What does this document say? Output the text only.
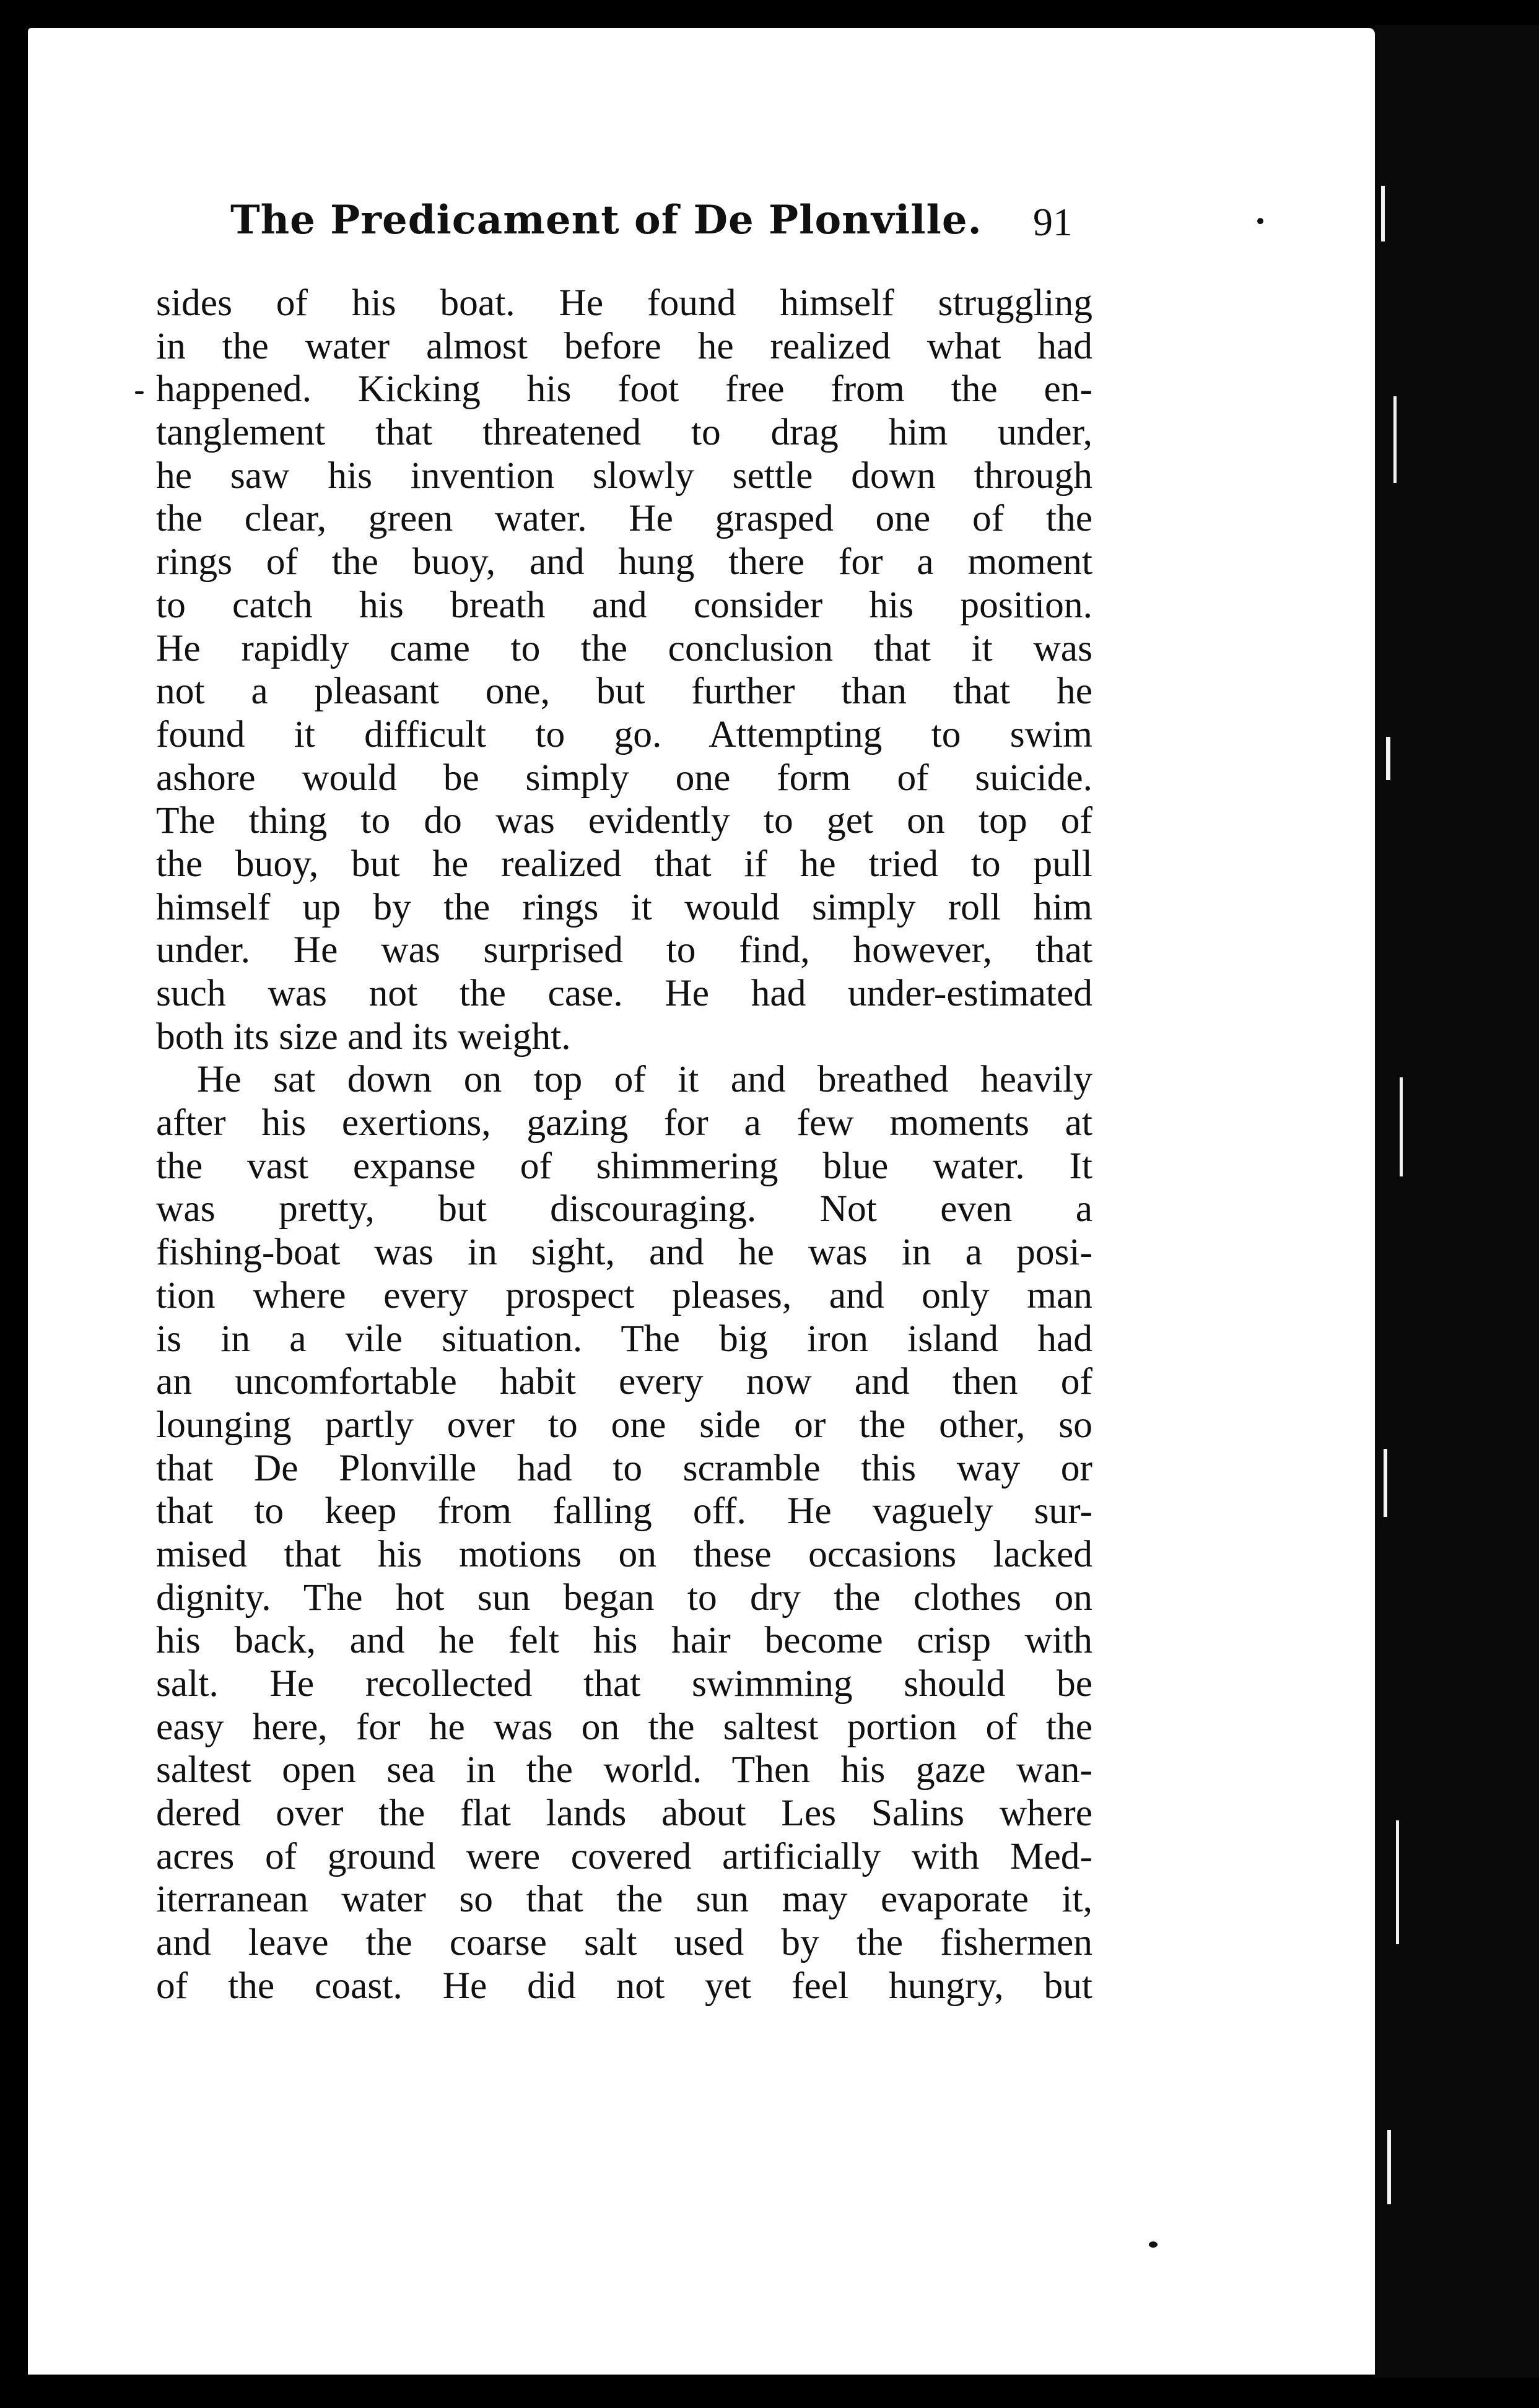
The Predicament of De Plonville. 91
sides of his boat. He found himself struggling
in the water almost before he realized what had
happened. Kicking his foot free from the en-
tanglement that threatened to drag him under,
he saw his invention slowly settle down through
the clear, green water. He grasped one of the
rings of the buoy, and hung there for a moment
to catch his breath and consider his position.
He rapidly came to the conclusion that it was
not a pleasant one, but further than that he
found it difficult to go. Attempting to swim
ashore would be simply one form of suicide.
The thing to do was evidently to get on top of
the buoy, but he realized that if he tried to pull
himself up by the rings it would simply roll him
under. He was surprised to find, however, that
such was not the case. He had under-estimated
both its size and its weight.
He sat down on top of it and breathed heavily
after his exertions, gazing for a few moments at
the vast expanse of shimmering blue water. It
was pretty, but discouraging. Not even a
fishing-boat was in sight, and he was in a posi-
tion where every prospect pleases, and only man
is in a vile situation. The big iron island had
an uncomfortable habit every now and then of
lounging partly over to one side or the other, so
that De Plonville had to scramble this way or
that to keep from falling off. He vaguely sur-
mised that his motions on these occasions lacked
dignity. The hot sun began to dry the clothes on
his back, and he felt his hair become crisp with
salt. He recollected that swimming should be
easy here, for he was on the saltest portion of the
saltest open sea in the world. Then his gaze wan-
dered over the flat lands about Les Salins where
acres of ground were covered artificially with Med-
iterranean water so that the sun may evaporate it,
and leave the coarse salt used by the fishermen
of the coast. He did not yet feel hungry, but
